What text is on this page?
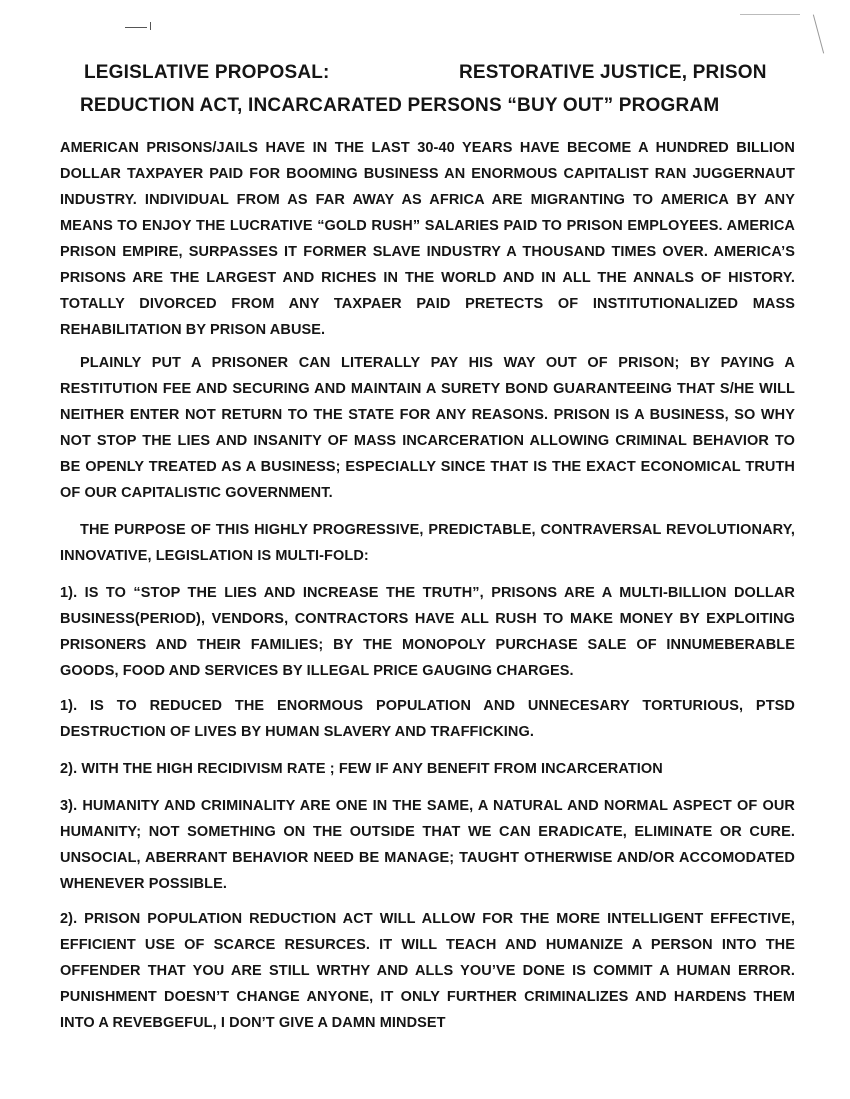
LEGISLATIVE PROPOSAL:	RESTORATIVE JUSTICE, PRISON
REDUCTION ACT, INCARCARATED PERSONS “BUY OUT” PROGRAM
AMERICAN PRISONS/JAILS HAVE IN THE LAST 30-40 YEARS HAVE BECOME A HUNDRED BILLION DOLLAR TAXPAYER PAID FOR BOOMING BUSINESS AN ENORMOUS CAPITALIST RAN JUGGERNAUT INDUSTRY. INDIVIDUAL FROM AS FAR AWAY AS AFRICA ARE MIGRANTING TO AMERICA BY ANY MEANS TO ENJOY THE LUCRATIVE “GOLD RUSH” SALARIES PAID TO PRISON EMPLOYEES. AMERICA PRISON EMPIRE, SURPASSES IT FORMER SLAVE INDUSTRY A THOUSAND TIMES OVER. AMERICA’S PRISONS ARE THE LARGEST AND RICHES IN THE WORLD AND IN ALL THE ANNALS OF HISTORY. TOTALLY DIVORCED FROM ANY TAXPAER PAID PRETECTS OF INSTITUTIONALIZED MASS REHABILITATION BY PRISON ABUSE.
PLAINLY PUT A PRISONER CAN LITERALLY PAY HIS WAY OUT OF PRISON; BY PAYING A RESTITUTION FEE AND SECURING AND MAINTAIN A SURETY BOND GUARANTEEING THAT S/HE WILL NEITHER ENTER NOT RETURN TO THE STATE FOR ANY REASONS. PRISON IS A BUSINESS, SO WHY NOT STOP THE LIES AND INSANITY OF MASS INCARCERATION ALLOWING CRIMINAL BEHAVIOR TO BE OPENLY TREATED AS A BUSINESS; ESPECIALLY SINCE THAT IS THE EXACT ECONOMICAL TRUTH OF OUR CAPITALISTIC GOVERNMENT.
THE PURPOSE OF THIS HIGHLY PROGRESSIVE, PREDICTABLE, CONTRAVERSAL REVOLUTIONARY, INNOVATIVE, LEGISLATION IS MULTI-FOLD:
1). IS TO “STOP THE LIES AND INCREASE THE TRUTH”, PRISONS ARE A MULTI-BILLION DOLLAR BUSINESS(PERIOD), VENDORS, CONTRACTORS HAVE ALL RUSH TO MAKE MONEY BY EXPLOITING PRISONERS AND THEIR FAMILIES; BY THE MONOPOLY PURCHASE SALE OF INNUMEBERABLE GOODS, FOOD AND SERVICES BY ILLEGAL PRICE GAUGING CHARGES.
1). IS TO REDUCED THE ENORMOUS POPULATION AND UNNECESARY TORTURIOUS, PTSD DESTRUCTION OF LIVES BY HUMAN SLAVERY AND TRAFFICKING.
2). WITH THE HIGH RECIDIVISM RATE ; FEW IF ANY BENEFIT FROM INCARCERATION
3). HUMANITY AND CRIMINALITY ARE ONE IN THE SAME, A NATURAL AND NORMAL ASPECT OF OUR HUMANITY; NOT SOMETHING ON THE OUTSIDE THAT WE CAN ERADICATE, ELIMINATE OR CURE. UNSOCIAL, ABERRANT BEHAVIOR NEED BE MANAGE; TAUGHT OTHERWISE AND/OR ACCOMODATED WHENEVER POSSIBLE.
2). PRISON POPULATION REDUCTION ACT WILL ALLOW FOR THE MORE INTELLIGENT EFFECTIVE, EFFICIENT USE OF SCARCE RESURCES. IT WILL TEACH AND HUMANIZE A PERSON INTO THE OFFENDER THAT YOU ARE STILL WRTHY AND ALLS YOU’VE DONE IS COMMIT A HUMAN ERROR. PUNISHMENT DOESN’T CHANGE ANYONE, IT ONLY FURTHER CRIMINALIZES AND HARDENS THEM INTO A REVEBGEFUL, I DON’T GIVE A DAMN MINDSET
